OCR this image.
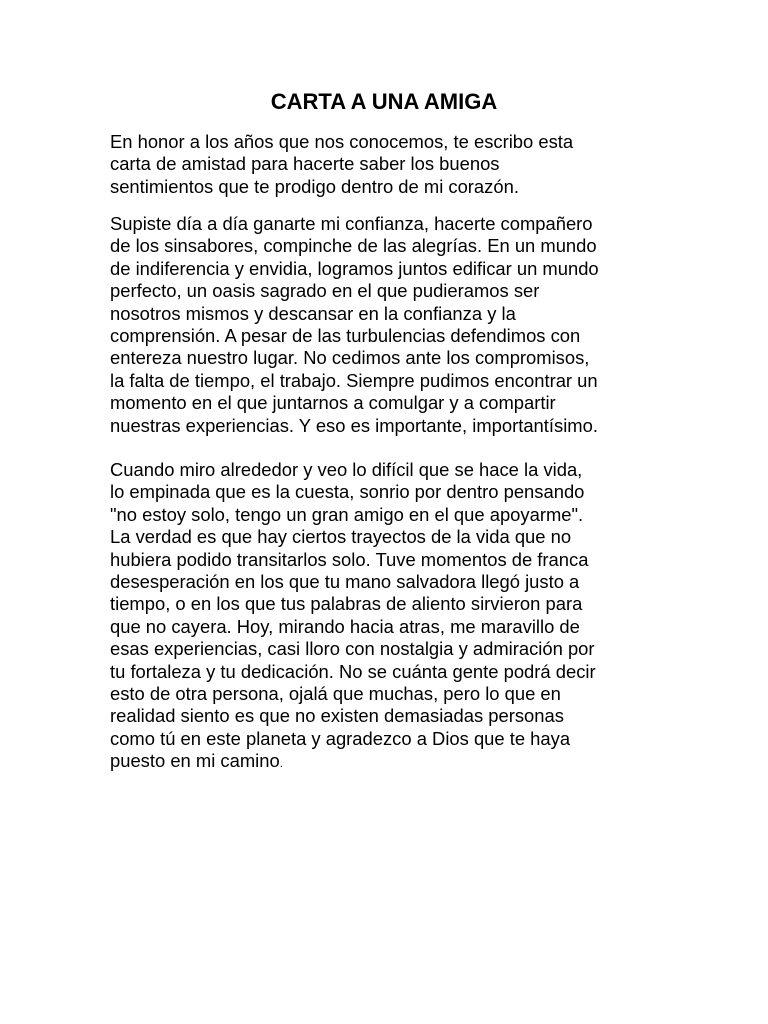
CARTA A UNA AMIGA
En honor a los años que nos conocemos, te escribo esta
carta de amistad para hacerte saber los buenos
sentimientos que te prodigo dentro de mi corazón.
Supiste día a día ganarte mi confianza, hacerte compañero
de los sinsabores, compinche de las alegrías. En un mundo
de indiferencia y envidia, logramos juntos edificar un mundo
perfecto, un oasis sagrado en el que pudieramos ser
nosotros mismos y descansar en la confianza y la
comprensión. A pesar de las turbulencias defendimos con
entereza nuestro lugar. No cedimos ante los compromisos,
la falta de tiempo, el trabajo. Siempre pudimos encontrar un
momento en el que juntarnos a comulgar y a compartir
nuestras experiencias. Y eso es importante, importantísimo.
Cuando miro alrededor y veo lo difícil que se hace la vida,
lo empinada que es la cuesta, sonrio por dentro pensando
"no estoy solo, tengo un gran amigo en el que apoyarme".
La verdad es que hay ciertos trayectos de la vida que no
hubiera podido transitarlos solo. Tuve momentos de franca
desesperación en los que tu mano salvadora llegó justo a
tiempo, o en los que tus palabras de aliento sirvieron para
que no cayera. Hoy, mirando hacia atras, me maravillo de
esas experiencias, casi lloro con nostalgia y admiración por
tu fortaleza y tu dedicación. No se cuánta gente podrá decir
esto de otra persona, ojalá que muchas, pero lo que en
realidad siento es que no existen demasiadas personas
como tú en este planeta y agradezco a Dios que te haya
puesto en mi camino.
